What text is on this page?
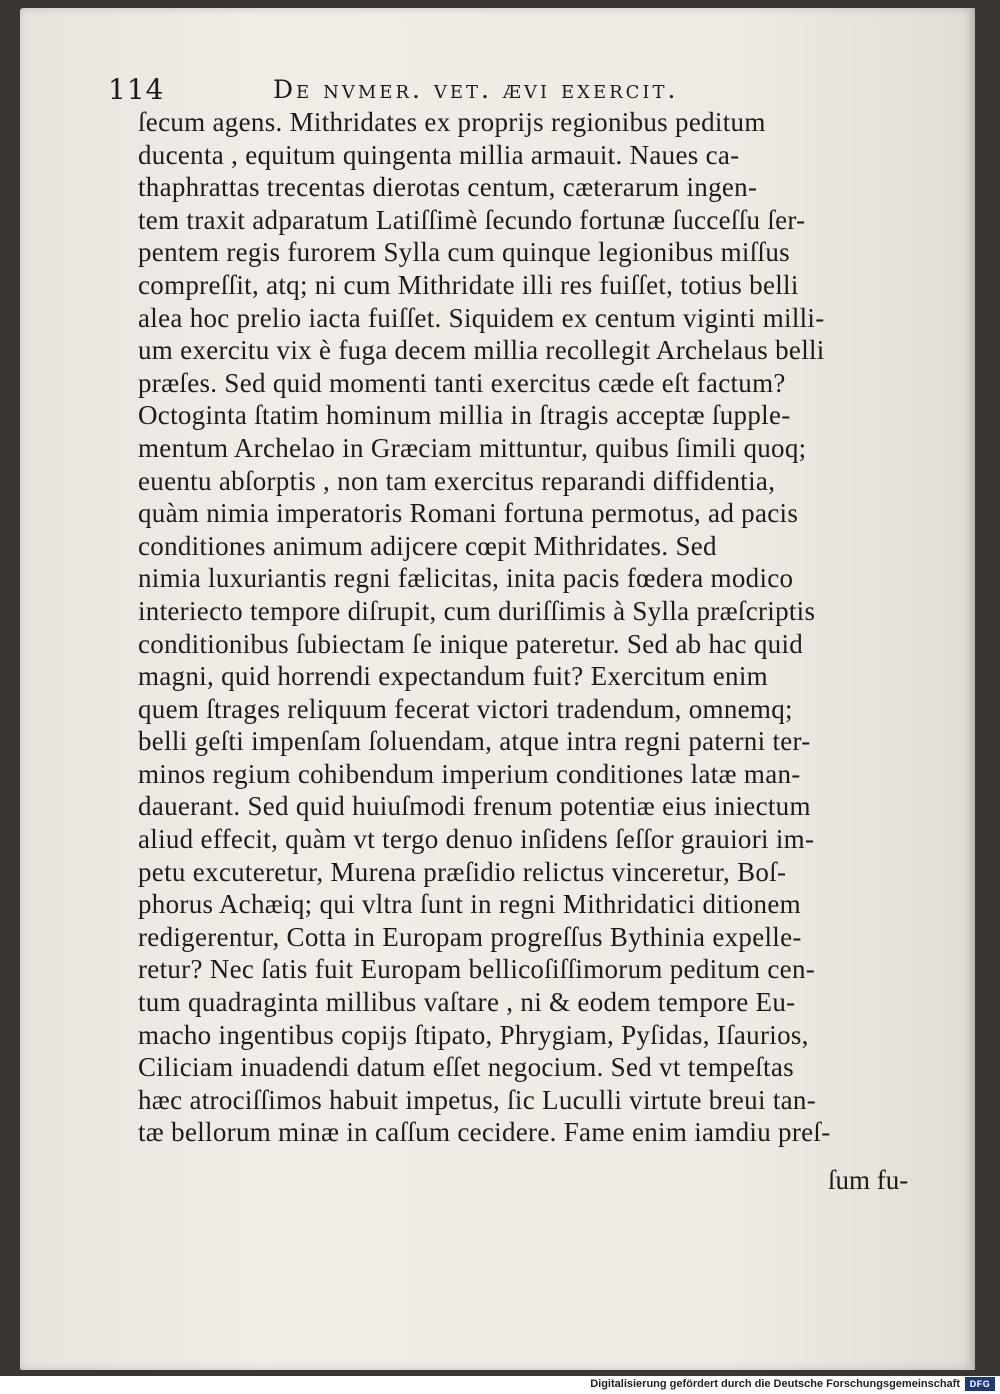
114	De nvmer. vet. ævi exercit.
ſecum agens. Mithridates ex proprijs regionibus peditum
ducenta , equitum quingenta millia armauit. Naues ca-
thaphrattas trecentas dierotas centum, cæterarum ingen-
tem traxit adparatum Latiſſimè ſecundo fortunæ ſucceſſu ſer-
pentem regis furorem Sylla cum quinque legionibus miſſus
compreſſit, atq; ni cum Mithridate illi res fuiſſet, totius belli
alea hoc prelio iacta fuiſſet. Siquidem ex centum viginti milli-
um exercitu vix è fuga decem millia recollegit Archelaus belli
præſes. Sed quid momenti tanti exercitus cæde eſt factum?
Octoginta ſtatim hominum millia in ſtragis acceptæ ſupple-
mentum Archelao in Græciam mittuntur, quibus ſimili quoq;
euentu abſorptis , non tam exercitus reparandi diffidentia,
quàm nimia imperatoris Romani fortuna permotus, ad pacis
conditiones animum adijcere cœpit Mithridates. Sed
nimia luxuriantis regni fælicitas, inita pacis fœdera modico
interiecto tempore diſrupit, cum duriſſimis à Sylla præſcriptis
conditionibus ſubiectam ſe inique pateretur. Sed ab hac quid
magni, quid horrendi expectandum fuit? Exercitum enim
quem ſtrages reliquum fecerat victori tradendum, omnemq;
belli geſti impenſam ſoluendam, atque intra regni paterni ter-
minos regium cohibendum imperium conditiones latæ man-
dauerant. Sed quid huiuſmodi frenum potentiæ eius iniectum
aliud effecit, quàm vt tergo denuo inſidens ſeſſor grauiori im-
petu excuteretur, Murena præſidio relictus vinceretur, Boſ-
phorus Achæiq; qui vltra ſunt in regni Mithridatici ditionem
redigerentur, Cotta in Europam progreſſus Bythinia expelle-
retur? Nec ſatis fuit Europam bellicoſiſſimorum peditum cen-
tum quadraginta millibus vaſtare , ni & eodem tempore Eu-
macho ingentibus copijs ſtipato, Phrygiam, Pyſidas, Iſaurios,
Ciliciam inuadendi datum eſſet negocium. Sed vt tempeſtas
hæc atrociſſimos habuit impetus, ſic Luculli virtute breui tan-
tæ bellorum minæ in caſſum cecidere. Fame enim iamdiu preſ-
ſum fu-
Digitalisierung gefördert durch die Deutsche Forschungsgemeinschaft	DFG
